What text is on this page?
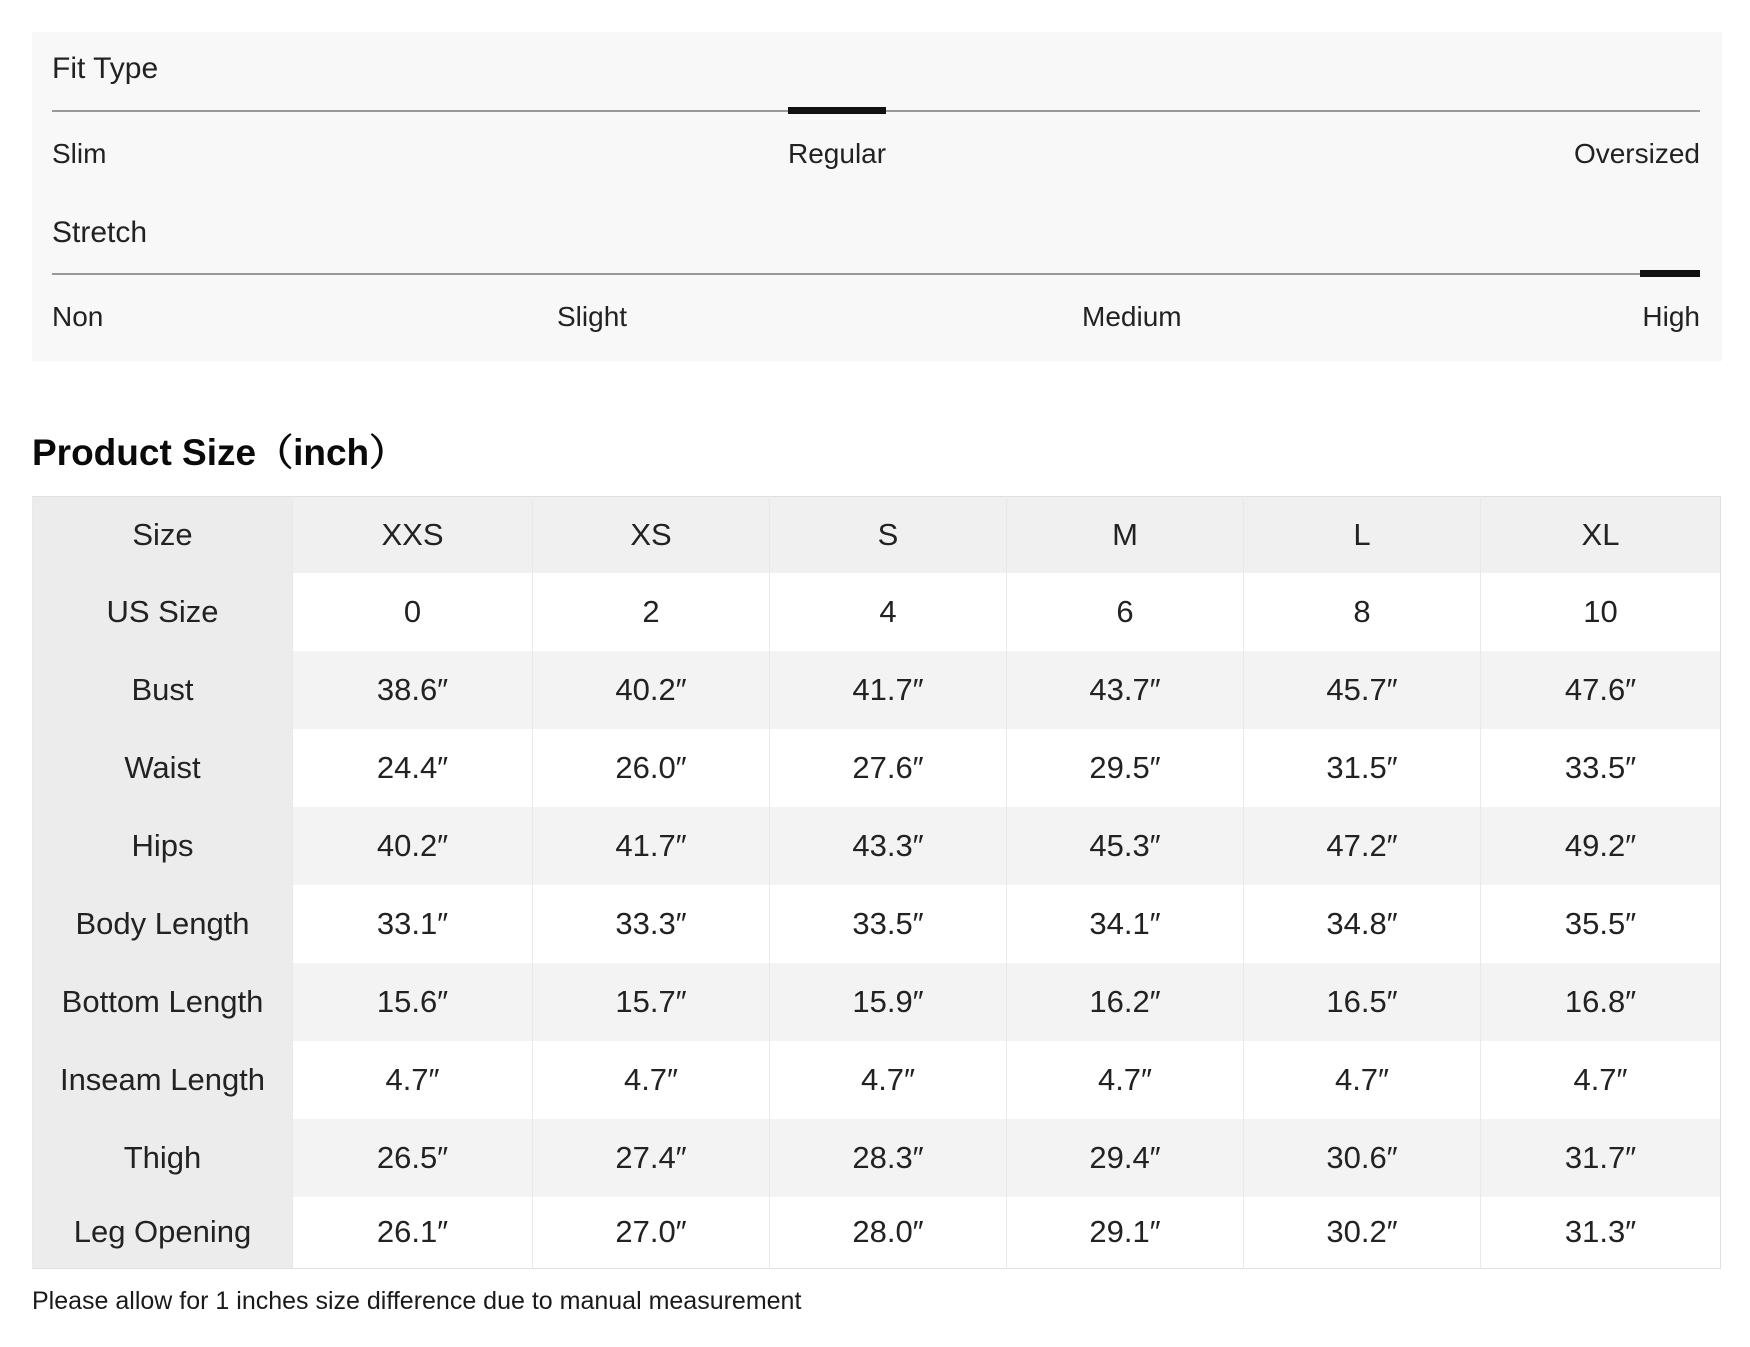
Fit Type
Slim	Regular	Oversized
Stretch
Non	Slight	Medium	High
Product Size（inch）
Size	XXS	XS	S	M	L	XL
US Size	0	2	4	6	8	10
Bust	38.6″	40.2″	41.7″	43.7″	45.7″	47.6″
Waist	24.4″	26.0″	27.6″	29.5″	31.5″	33.5″
Hips	40.2″	41.7″	43.3″	45.3″	47.2″	49.2″
Body Length	33.1″	33.3″	33.5″	34.1″	34.8″	35.5″
Bottom Length	15.6″	15.7″	15.9″	16.2″	16.5″	16.8″
Inseam Length	4.7″	4.7″	4.7″	4.7″	4.7″	4.7″
Thigh	26.5″	27.4″	28.3″	29.4″	30.6″	31.7″
Leg Opening	26.1″	27.0″	28.0″	29.1″	30.2″	31.3″
Please allow for 1 inches size difference due to manual measurement
